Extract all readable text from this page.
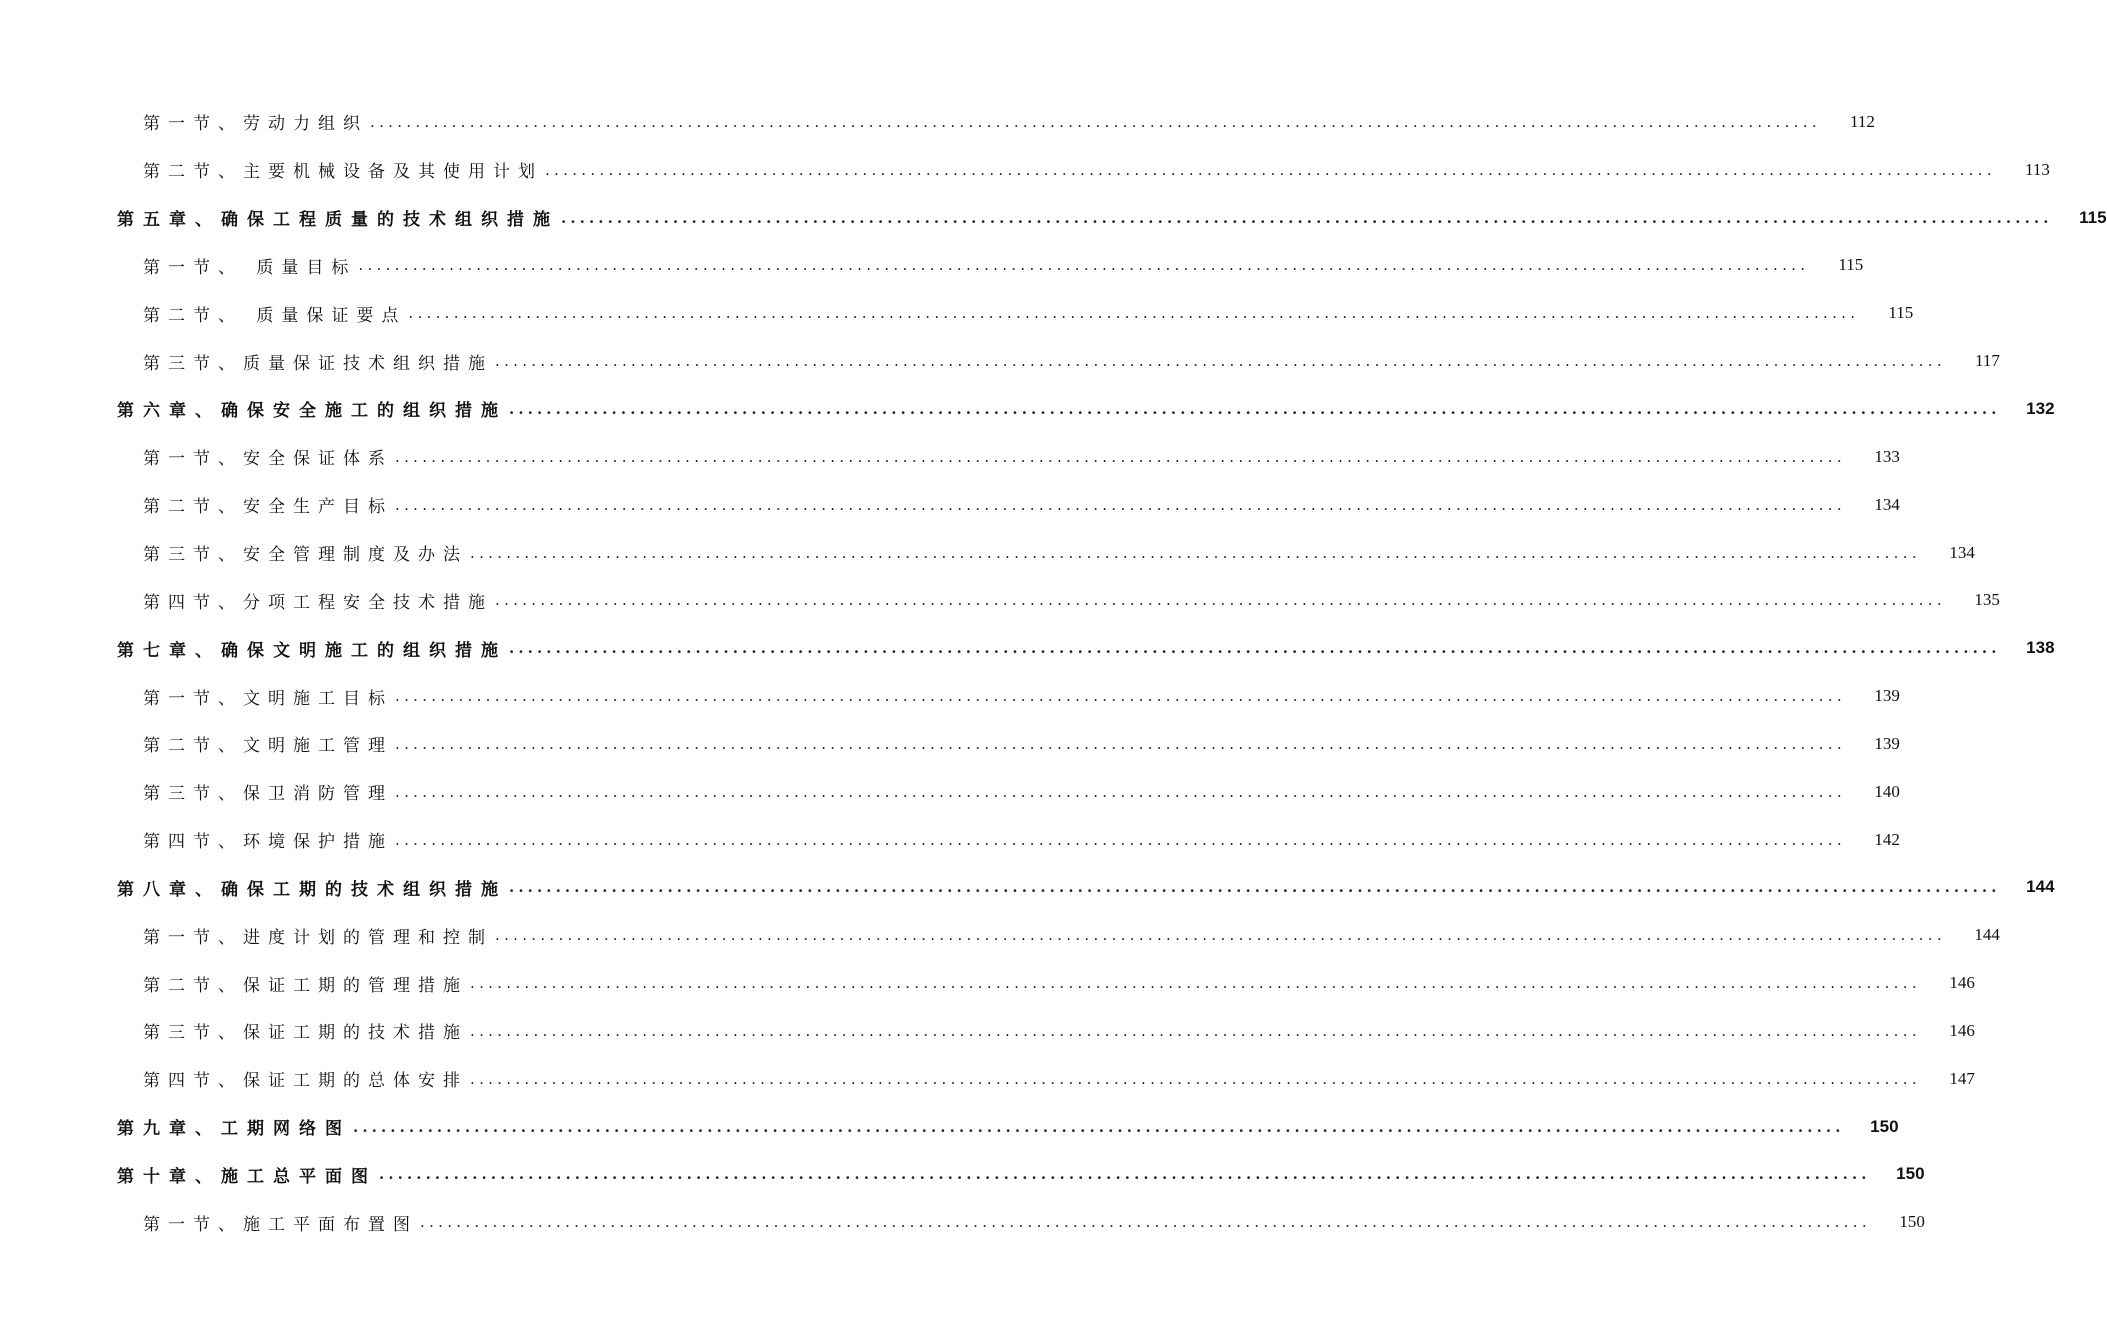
第一节、劳动力组织 ................................................................................................................................................................	112
第二节、主要机械设备及其使用计划 ................................................................................................................................................................	113
第五章、确保工程质量的技术组织措施 ................................................................................................................................................................ 115
第一节、 质量目标 ................................................................................................................................................................	115
第二节、 质量保证要点 ................................................................................................................................................................	115
第三节、质量保证技术组织措施 ................................................................................................................................................................	117
第六章、确保安全施工的组织措施 ................................................................................................................................................................ 132
第一节、安全保证体系 ................................................................................................................................................................ 133
第二节、安全生产目标 ................................................................................................................................................................ 134
第三节、安全管理制度及办法 ................................................................................................................................................................ 134
第四节、分项工程安全技术措施 ................................................................................................................................................................ 135
第七章、确保文明施工的组织措施 ................................................................................................................................................................ 138
第一节、文明施工目标 ................................................................................................................................................................ 139
第二节、文明施工管理 ................................................................................................................................................................ 139
第三节、保卫消防管理 ................................................................................................................................................................ 140
第四节、环境保护措施 ................................................................................................................................................................ 142
第八章、确保工期的技术组织措施 ................................................................................................................................................................ 144
第一节、进度计划的管理和控制 ................................................................................................................................................................ 144
第二节、保证工期的管理措施 ................................................................................................................................................................ 146
第三节、保证工期的技术措施 ................................................................................................................................................................ 146
第四节、保证工期的总体安排 ................................................................................................................................................................ 147
第九章、工期网络图 ................................................................................................................................................................ 150
第十章、施工总平面图 ................................................................................................................................................................ 150
第一节、施工平面布置图 ................................................................................................................................................................ 150
